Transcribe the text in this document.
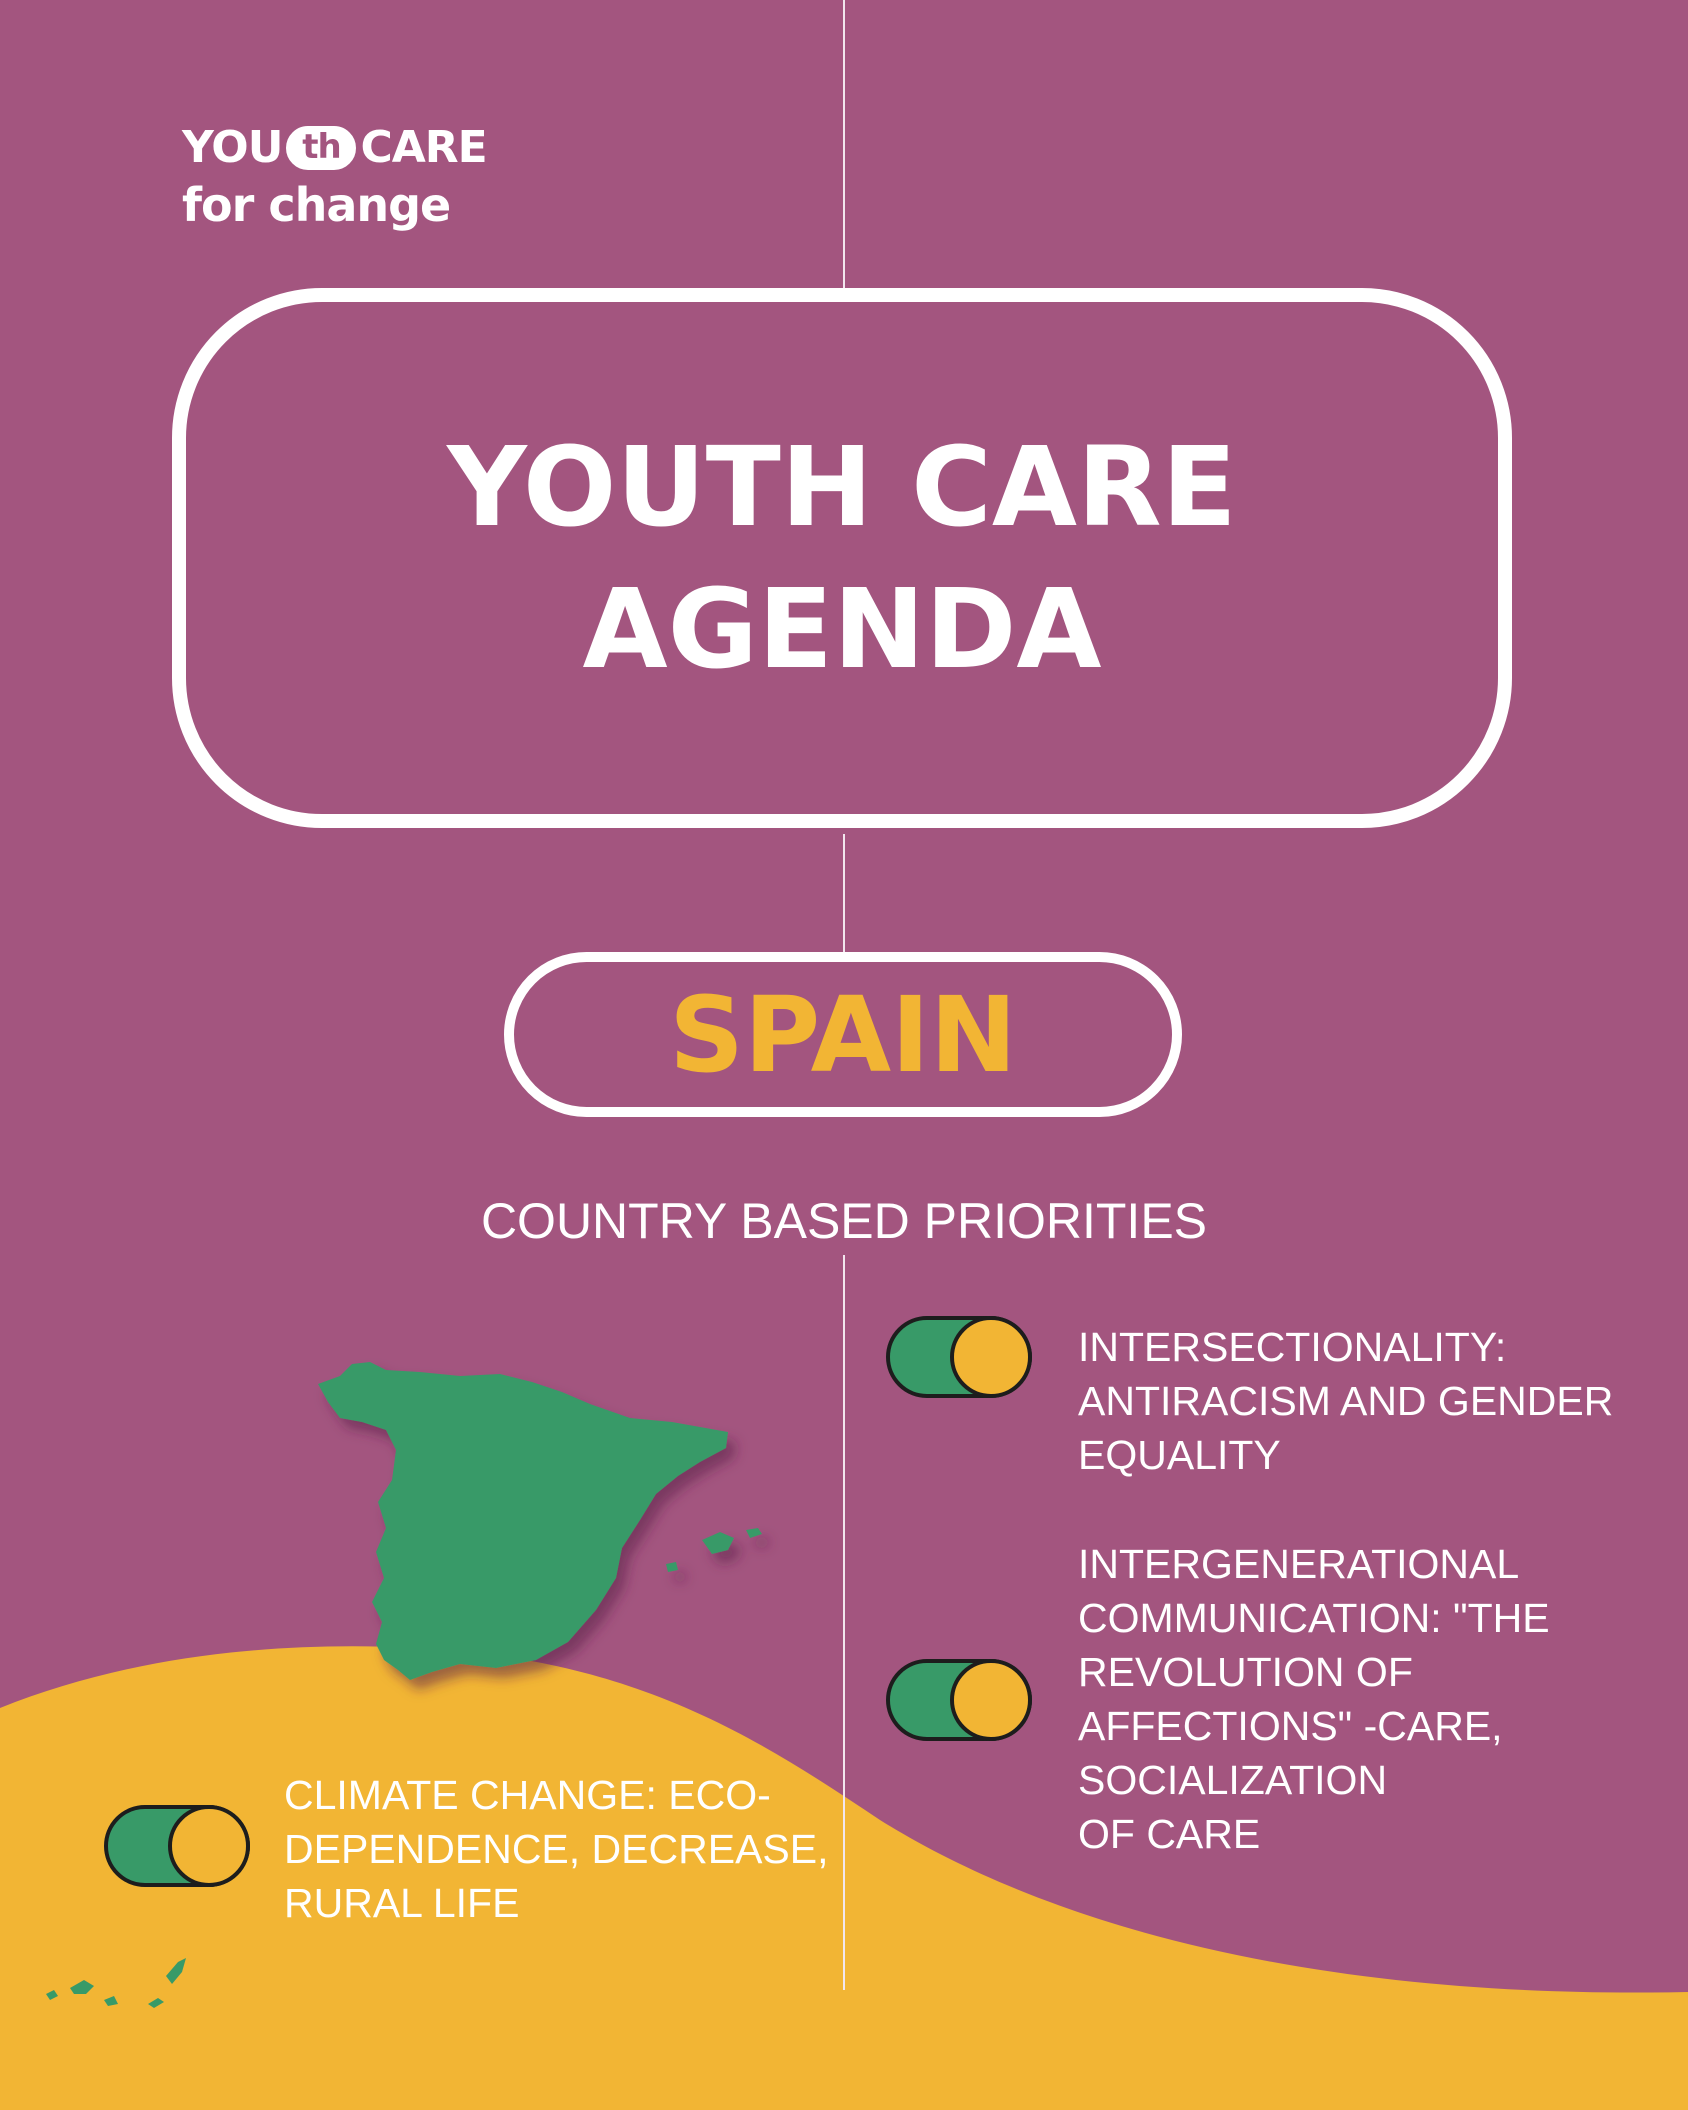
YOU th CARE
for change
YOUTH CARE
AGENDA
SPAIN
COUNTRY BASED PRIORITIES
INTERSECTIONALITY:
ANTIRACISM AND GENDER
EQUALITY
INTERGENERATIONAL
COMMUNICATION: "THE
REVOLUTION OF
AFFECTIONS" -CARE,
SOCIALIZATION
OF CARE
CLIMATE CHANGE: ECO-
DEPENDENCE, DECREASE,
RURAL LIFE
